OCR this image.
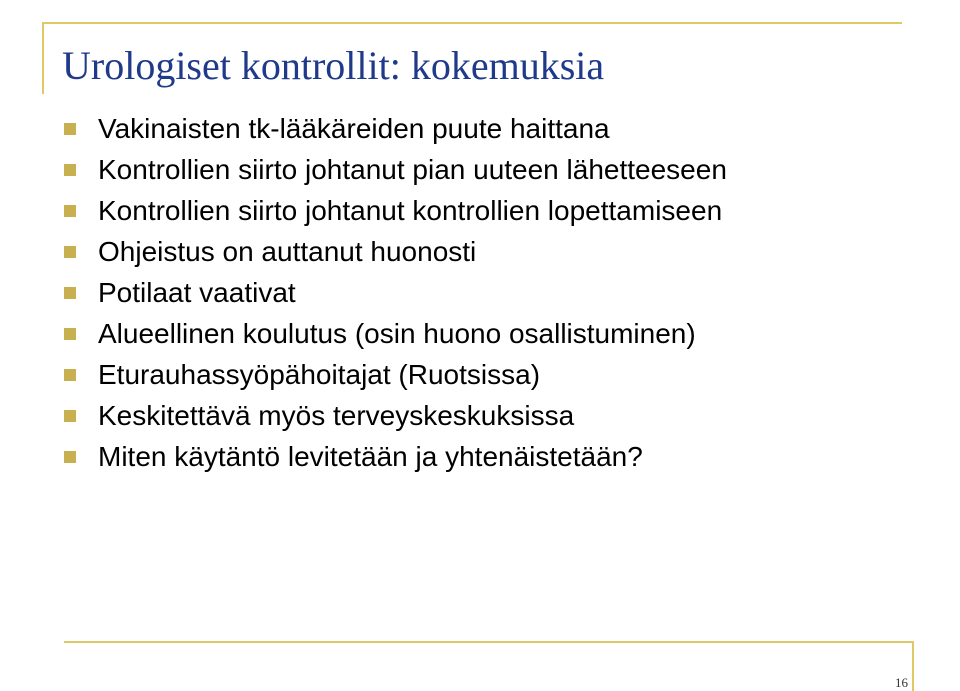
Urologiset kontrollit: kokemuksia
Vakinaisten tk-lääkäreiden puute haittana
Kontrollien siirto johtanut pian uuteen lähetteeseen
Kontrollien siirto johtanut kontrollien lopettamiseen
Ohjeistus on auttanut huonosti
Potilaat vaativat
Alueellinen koulutus (osin huono osallistuminen)
Eturauhassyöpähoitajat (Ruotsissa)
Keskitettävä myös terveyskeskuksissa
Miten käytäntö levitetään ja yhtenäistetään?
16
